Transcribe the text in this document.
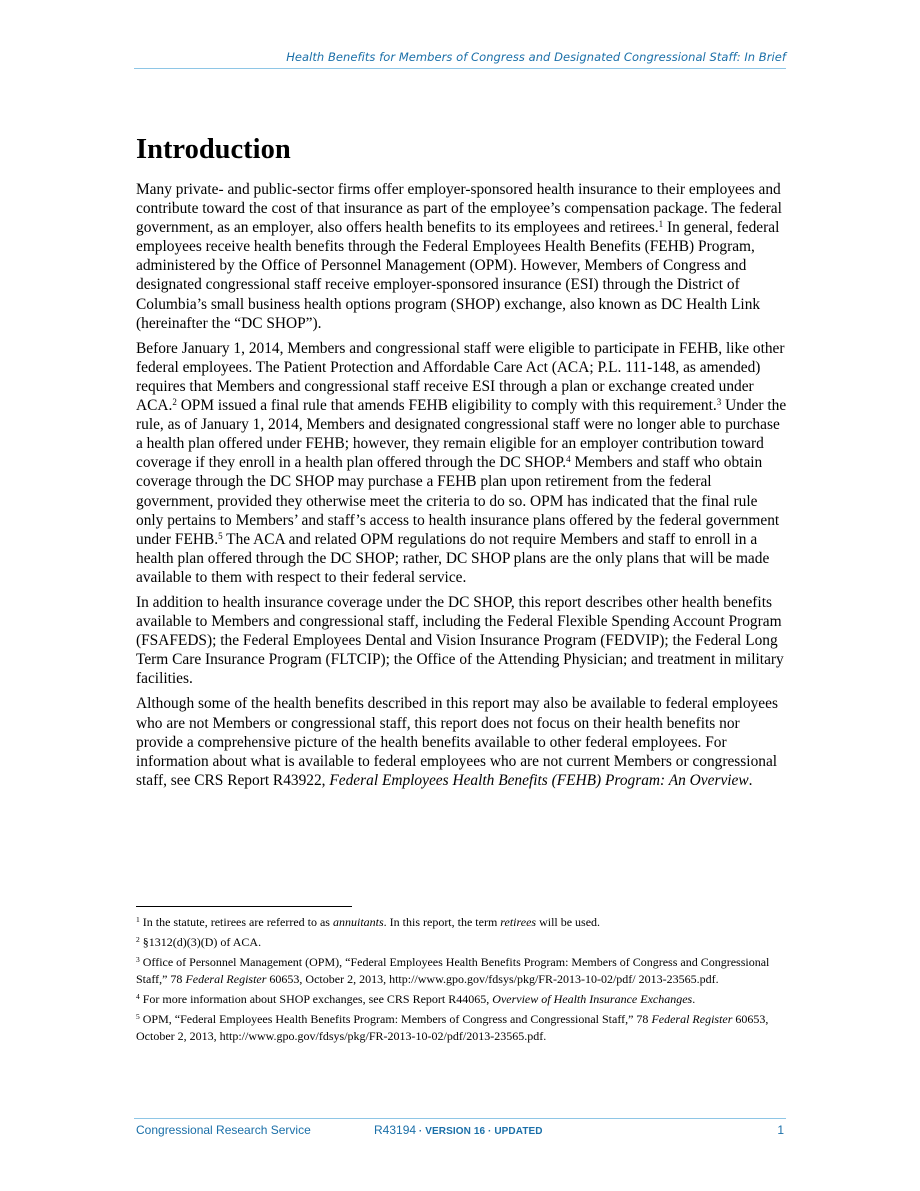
Health Benefits for Members of Congress and Designated Congressional Staff: In Brief
Introduction

Many private- and public-sector firms offer employer-sponsored health insurance to their employees and contribute toward the cost of that insurance as part of the employee’s compensation package. The federal government, as an employer, also offers health benefits to its employees and retirees.$^1$ In general, federal employees receive health benefits through the Federal Employees Health Benefits (FEHB) Program, administered by the Office of Personnel Management (OPM). However, Members of Congress and designated congressional staff receive employer-sponsored insurance (ESI) through the District of Columbia’s small business health options program (SHOP) exchange, also known as DC Health Link (hereinafter the “DC SHOP”).

Before January 1, 2014, Members and congressional staff were eligible to participate in FEHB, like other federal employees. The Patient Protection and Affordable Care Act (ACA; P.L. 111-148, as amended) requires that Members and congressional staff receive ESI through a plan or exchange created under ACA.$^2$ OPM issued a final rule that amends FEHB eligibility to comply with this requirement.$^3$ Under the rule, as of January 1, 2014, Members and designated congressional staff were no longer able to purchase a health plan offered under FEHB; however, they remain eligible for an employer contribution toward coverage if they enroll in a health plan offered through the DC SHOP.$^4$ Members and staff who obtain coverage through the DC SHOP may purchase a FEHB plan upon retirement from the federal government, provided they otherwise meet the criteria to do so. OPM has indicated that the final rule only pertains to Members’ and staff’s access to health insurance plans offered by the federal government under FEHB.$^5$ The ACA and related OPM regulations do not require Members and staff to enroll in a health plan offered through the DC SHOP; rather, DC SHOP plans are the only plans that will be made available to them with respect to their federal service.

In addition to health insurance coverage under the DC SHOP, this report describes other health benefits available to Members and congressional staff, including the Federal Flexible Spending Account Program (FSAFEDS); the Federal Employees Dental and Vision Insurance Program (FEDVIP); the Federal Long Term Care Insurance Program (FLTCIP); the Office of the Attending Physician; and treatment in military facilities.

Although some of the health benefits described in this report may also be available to federal employees who are not Members or congressional staff, this report does not focus on their health benefits nor provide a comprehensive picture of the health benefits available to other federal employees. For information about what is available to federal employees who are not current Members or congressional staff, see CRS Report R43922, Federal Employees Health Benefits (FEHB) Program: An Overview.

$^1$ In the statute, retirees are referred to as annuitants. In this report, the term retirees will be used.

$^2$ §1312(d)(3)(D) of ACA.

$^3$ Office of Personnel Management (OPM), “Federal Employees Health Benefits Program: Members of Congress and Congressional Staff,” 78 Federal Register 60653, October 2, 2013, http://www.gpo.gov/fdsys/pkg/FR-2013-10-02/pdf/ 2013-23565.pdf.

$^4$ For more information about SHOP exchanges, see CRS Report R44065, Overview of Health Insurance Exchanges.

$^5$ OPM, “Federal Employees Health Benefits Program: Members of Congress and Congressional Staff,” 78 Federal Register 60653, October 2, 2013, http://www.gpo.gov/fdsys/pkg/FR-2013-10-02/pdf/2013-23565.pdf.

Congressional Research Service	R43194 · VERSION 16 · UPDATED	1
